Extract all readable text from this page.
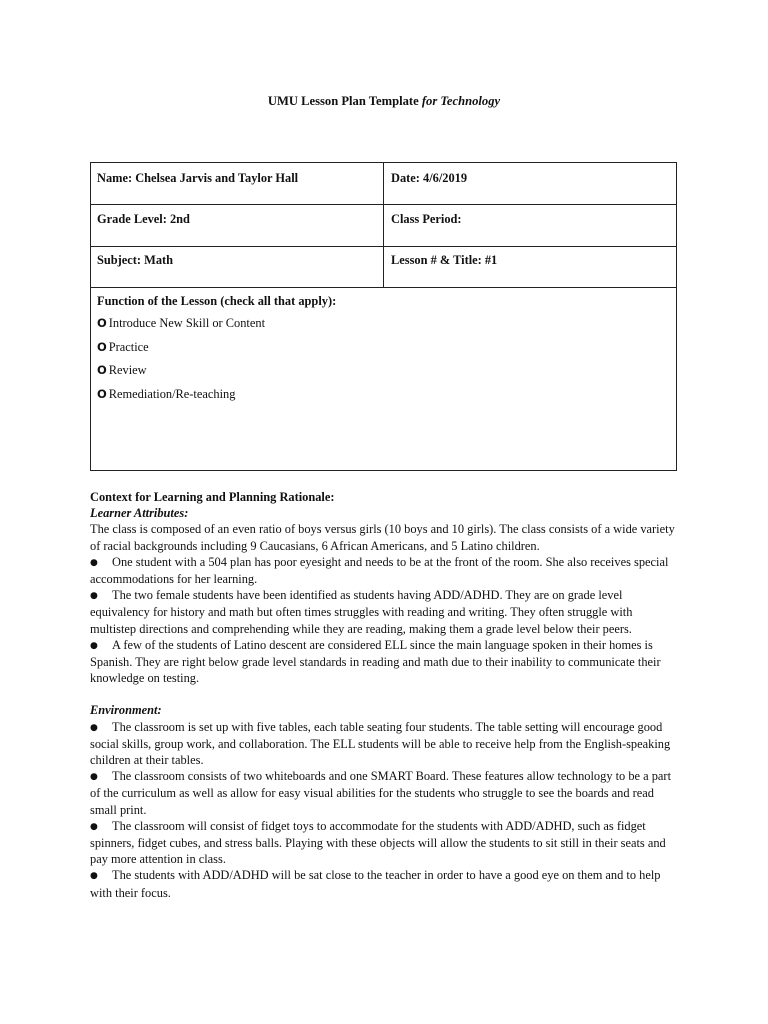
UMU Lesson Plan Template for Technology
Name: Chelsea Jarvis and Taylor Hall	Date: 4/6/2019
Grade Level: 2nd	Class Period:
Subject: Math	Lesson # & Title: #1
Function of the Lesson (check all that apply):
O Introduce New Skill or Content
O Practice
O Review
O Remediation/Re-teaching

Context for Learning and Planning Rationale:

Learner Attributes:

The class is composed of an even ratio of boys versus girls (10 boys and 10 girls). The class consists of a wide variety of racial backgrounds including 9 Caucasians, 6 African Americans, and 5 Latino children.

● One student with a 504 plan has poor eyesight and needs to be at the front of the room. She also receives special accommodations for her learning.

● The two female students have been identified as students having ADD/ADHD. They are on grade level equivalency for history and math but often times struggles with reading and writing. They often struggle with multistep directions and comprehending while they are reading, making them a grade level below their peers.

● A few of the students of Latino descent are considered ELL since the main language spoken in their homes is Spanish. They are right below grade level standards in reading and math due to their inability to communicate their knowledge on testing.

Environment:

● The classroom is set up with five tables, each table seating four students. The table setting will encourage good social skills, group work, and collaboration. The ELL students will be able to receive help from the English-speaking children at their tables.

● The classroom consists of two whiteboards and one SMART Board. These features allow technology to be a part of the curriculum as well as allow for easy visual abilities for the students who struggle to see the boards and read small print.

● The classroom will consist of fidget toys to accommodate for the students with ADD/ADHD, such as fidget spinners, fidget cubes, and stress balls. Playing with these objects will allow the students to sit still in their seats and pay more attention in class.

● The students with ADD/ADHD will be sat close to the teacher in order to have a good eye on them and to help with their focus.
